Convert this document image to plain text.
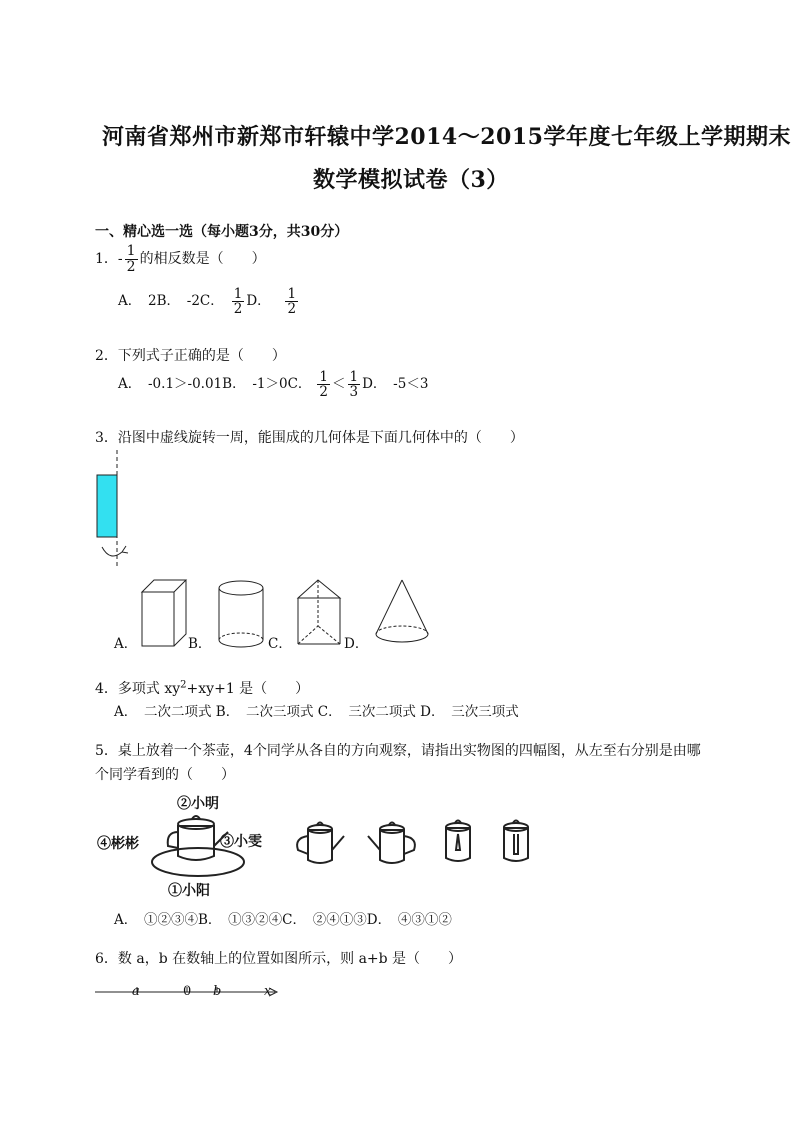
河南省郑州市新郑市轩辕中学2014～2015学年度七年级上学期期末
数学模拟试卷（3）
一、精心选一选（每小题3分，共30分）
1．- $\frac{1}{2}$ 的相反数是（　　）
A．　2B．　-2C． $\frac{1}{2}$ D．　 $\frac{1}{2}$
2．下列式子正确的是（　　）
A．　-0.1＞-0.01B．　-1＞0C． $\frac{1}{2} < \frac{1}{3}$ D．　-5＜3
3．沿图中虚线旋转一周，能围成的几何体是下面几何体中的（　　）
A．	B．	C．	D．
4．多项式 $xy^2+xy+1$ 是（　　）
A．　二次二项式 B．　二次三项式 C．　三次二项式 D．　三次三项式
5．桌上放着一个茶壶，4个同学从各自的方向观察，请指出实物图的四幅图，从左至右分别是由哪
个同学看到的（　　）
②小明
④彬彬	③小雯
①小阳
A．　①②③④B．　①③②④C．　②④①③D．　④③①②
6．数 a，b 在数轴上的位置如图所示，则 a+b 是（　　）
a	0 b	x
